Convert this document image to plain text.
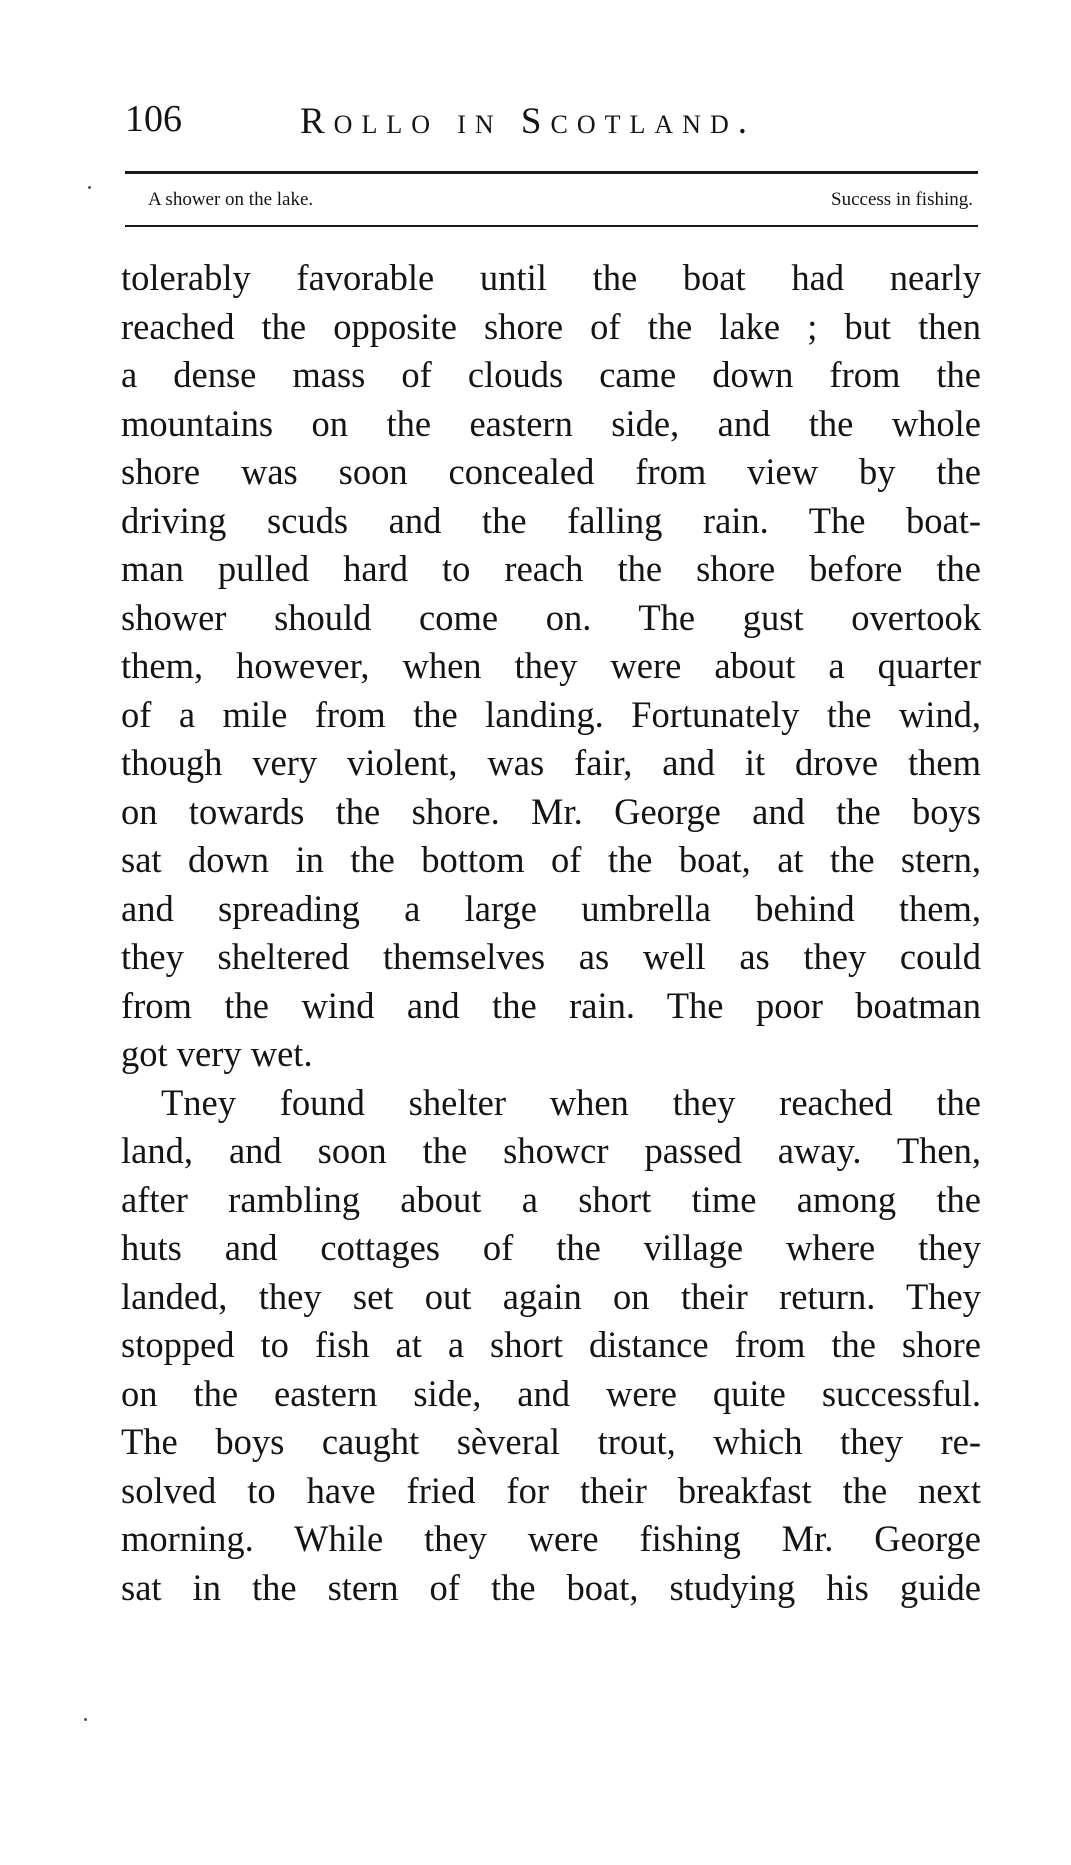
106	Rollo in Scotland.
A shower on the lake.	Success in fishing.
tolerably favorable until the boat had nearly
reached the opposite shore of the lake ; but then
a dense mass of clouds came down from the
mountains on the eastern side, and the whole
shore was soon concealed from view by the
driving scuds and the falling rain. The boat-
man pulled hard to reach the shore before the
shower should come on. The gust overtook
them, however, when they were about a quarter
of a mile from the landing. Fortunately the wind,
though very violent, was fair, and it drove them
on towards the shore. Mr. George and the boys
sat down in the bottom of the boat, at the stern,
and spreading a large umbrella behind them,
they sheltered themselves as well as they could
from the wind and the rain. The poor boatman
got very wet.
Tney found shelter when they reached the
land, and soon the showcr passed away. Then,
after rambling about a short time among the
huts and cottages of the village where they
landed, they set out again on their return. They
stopped to fish at a short distance from the shore
on the eastern side, and were quite successful.
The boys caught sèveral trout, which they re-
solved to have fried for their breakfast the next
morning. While they were fishing Mr. George
sat in the stern of the boat, studying his guide
